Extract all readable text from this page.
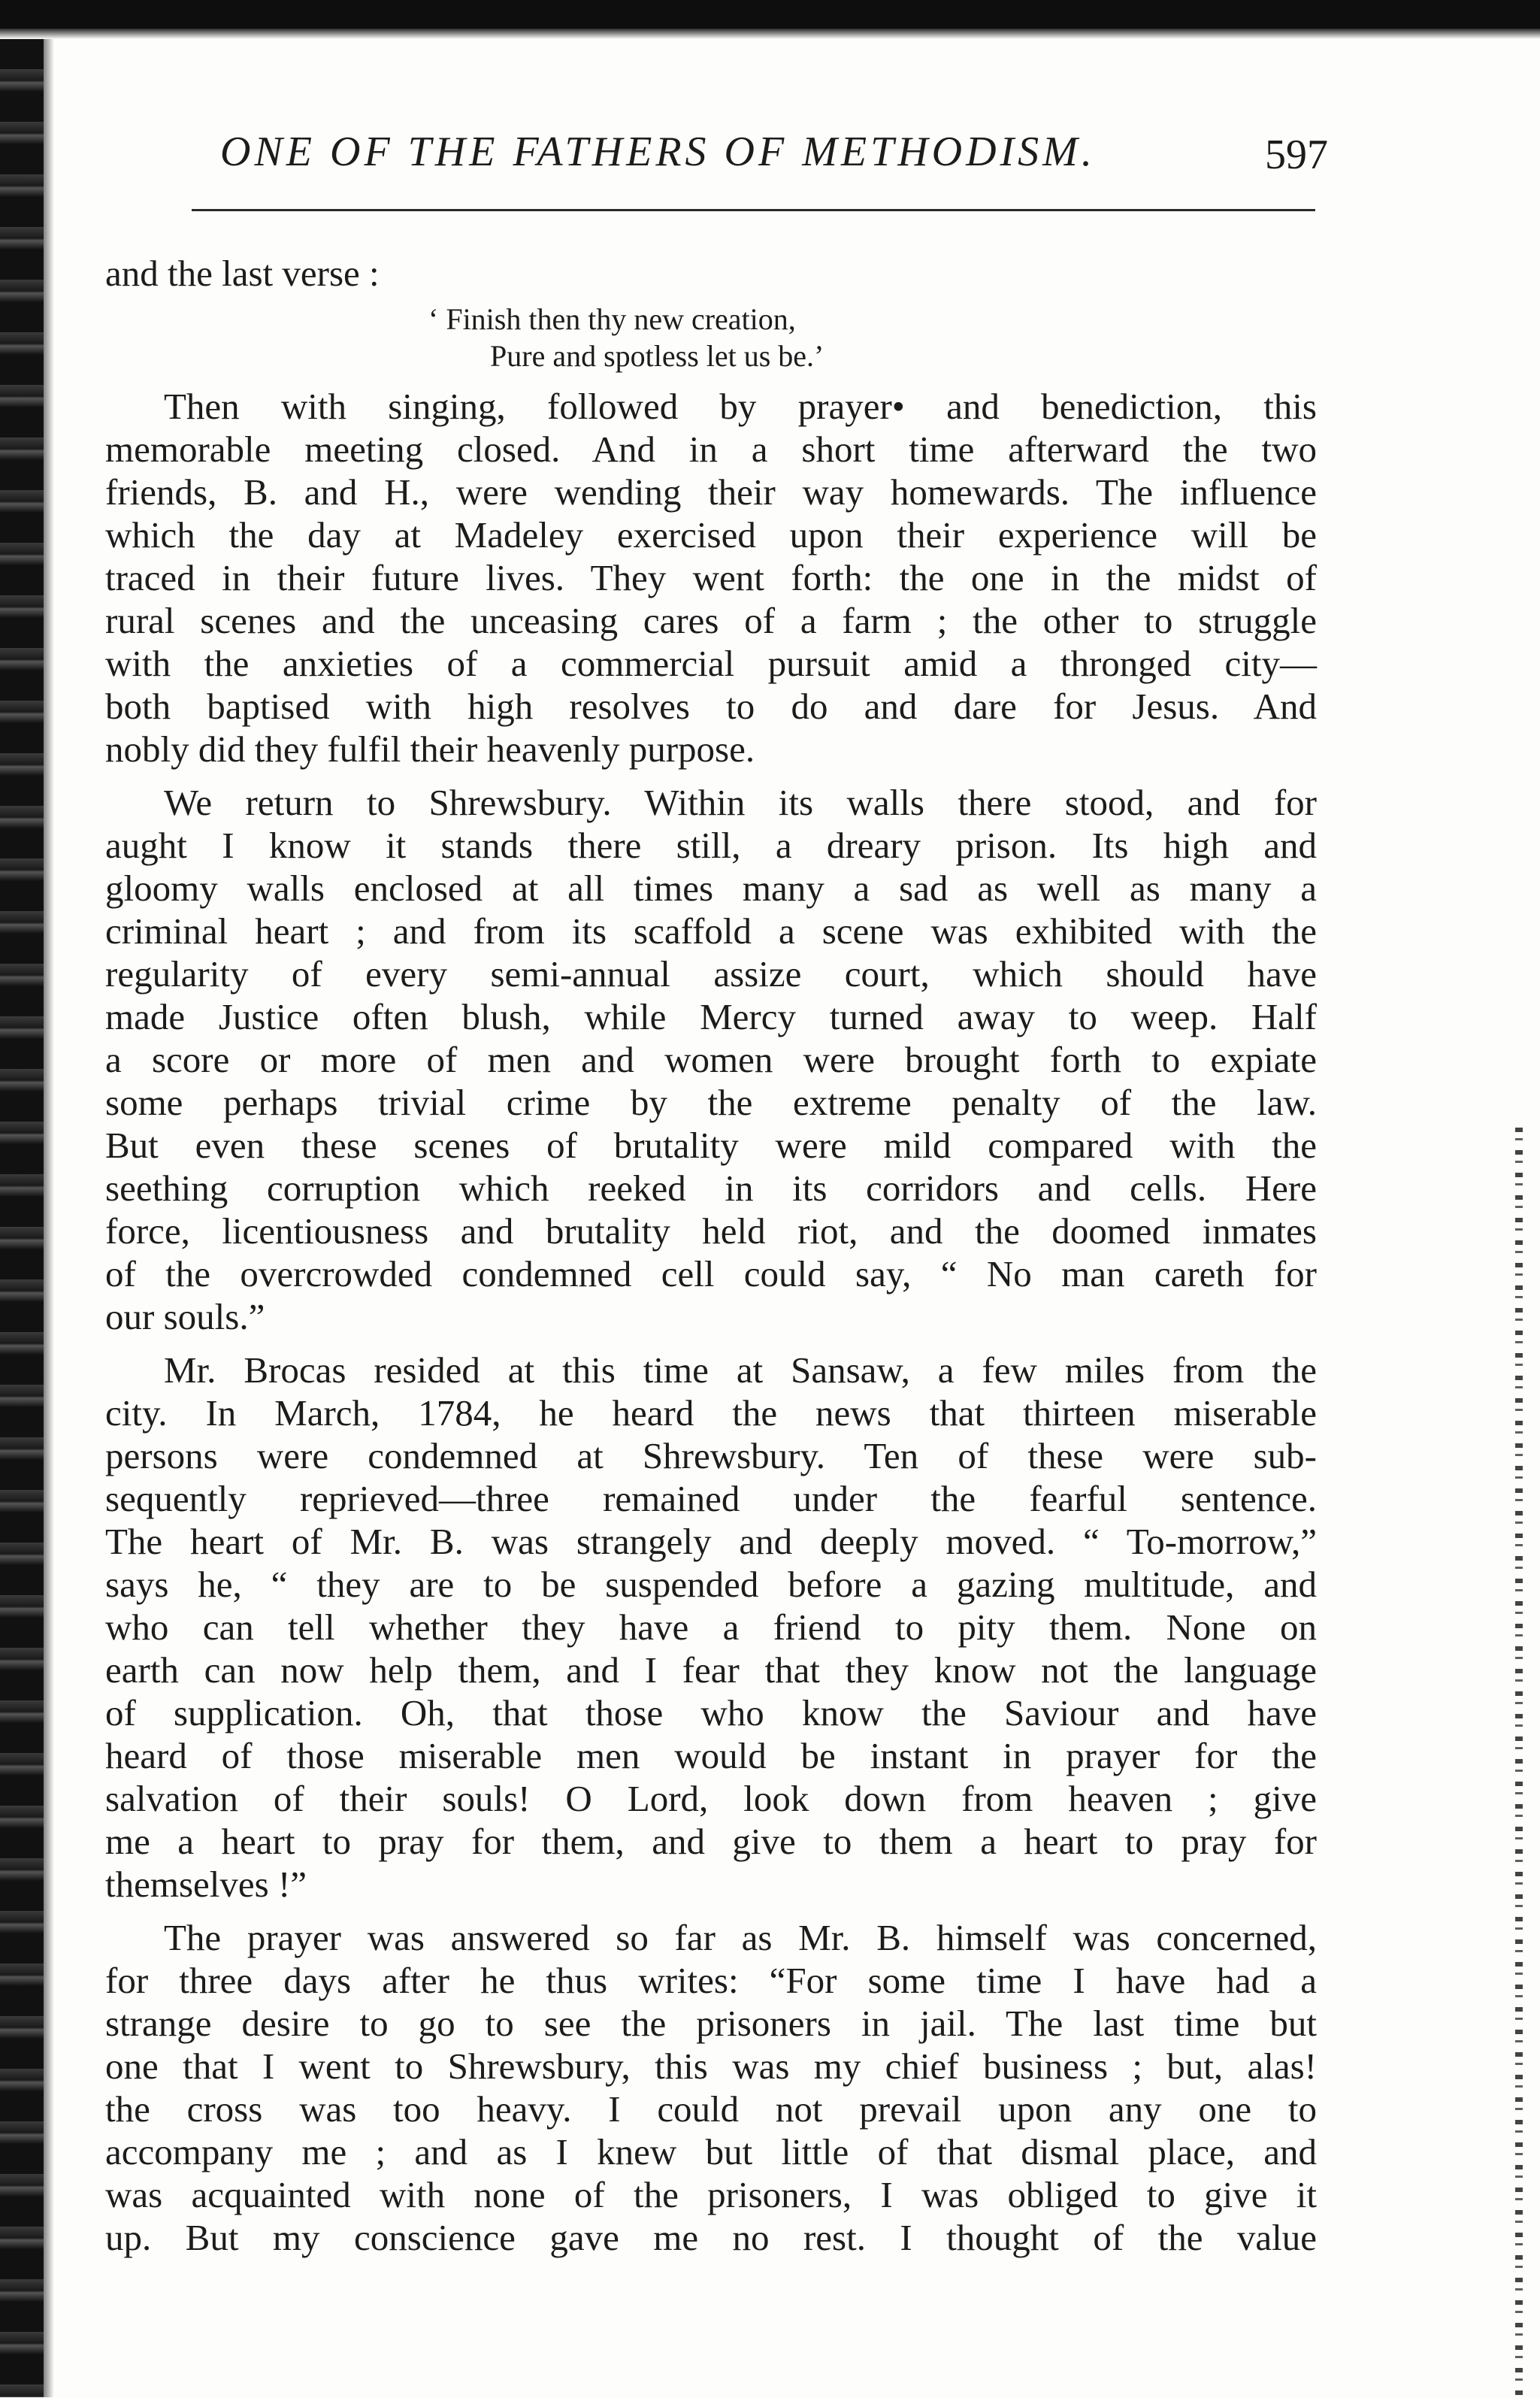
ONE OF THE FATHERS OF METHODISM.	597
and the last verse :
‘ Finish then thy new creation,
Pure and spotless let us be.’
Then with singing, followed by prayer• and benediction, this
memorable meeting closed. And in a short time afterward the two
friends, B. and H., were wending their way homewards. The influence
which the day at Madeley exercised upon their experience will be
traced in their future lives. They went forth: the one in the midst of
rural scenes and the unceasing cares of a farm ; the other to struggle
with the anxieties of a commercial pursuit amid a thronged city—
both baptised with high resolves to do and dare for Jesus. And
nobly did they fulfil their heavenly purpose.
We return to Shrewsbury. Within its walls there stood, and for
aught I know it stands there still, a dreary prison. Its high and
gloomy walls enclosed at all times many a sad as well as many a
criminal heart ; and from its scaffold a scene was exhibited with the
regularity of every semi-annual assize court, which should have
made Justice often blush, while Mercy turned away to weep. Half
a score or more of men and women were brought forth to expiate
some perhaps trivial crime by the extreme penalty of the law.
But even these scenes of brutality were mild compared with the
seething corruption which reeked in its corridors and cells. Here
force, licentiousness and brutality held riot, and the doomed inmates
of the overcrowded condemned cell could say, “ No man careth for
our souls.”
Mr. Brocas resided at this time at Sansaw, a few miles from the
city. In March, 1784, he heard the news that thirteen miserable
persons were condemned at Shrewsbury. Ten of these were sub-
sequently reprieved—three remained under the fearful sentence.
The heart of Mr. B. was strangely and deeply moved. “ To-morrow,”
says he, “ they are to be suspended before a gazing multitude, and
who can tell whether they have a friend to pity them. None on
earth can now help them, and I fear that they know not the language
of supplication. Oh, that those who know the Saviour and have
heard of those miserable men would be instant in prayer for the
salvation of their souls! O Lord, look down from heaven ; give
me a heart to pray for them, and give to them a heart to pray for
themselves !”
The prayer was answered so far as Mr. B. himself was concerned,
for three days after he thus writes: “For some time I have had a
strange desire to go to see the prisoners in jail. The last time but
one that I went to Shrewsbury, this was my chief business ; but, alas!
the cross was too heavy. I could not prevail upon any one to
accompany me ; and as I knew but little of that dismal place, and
was acquainted with none of the prisoners, I was obliged to give it
up. But my conscience gave me no rest. I thought of the value
